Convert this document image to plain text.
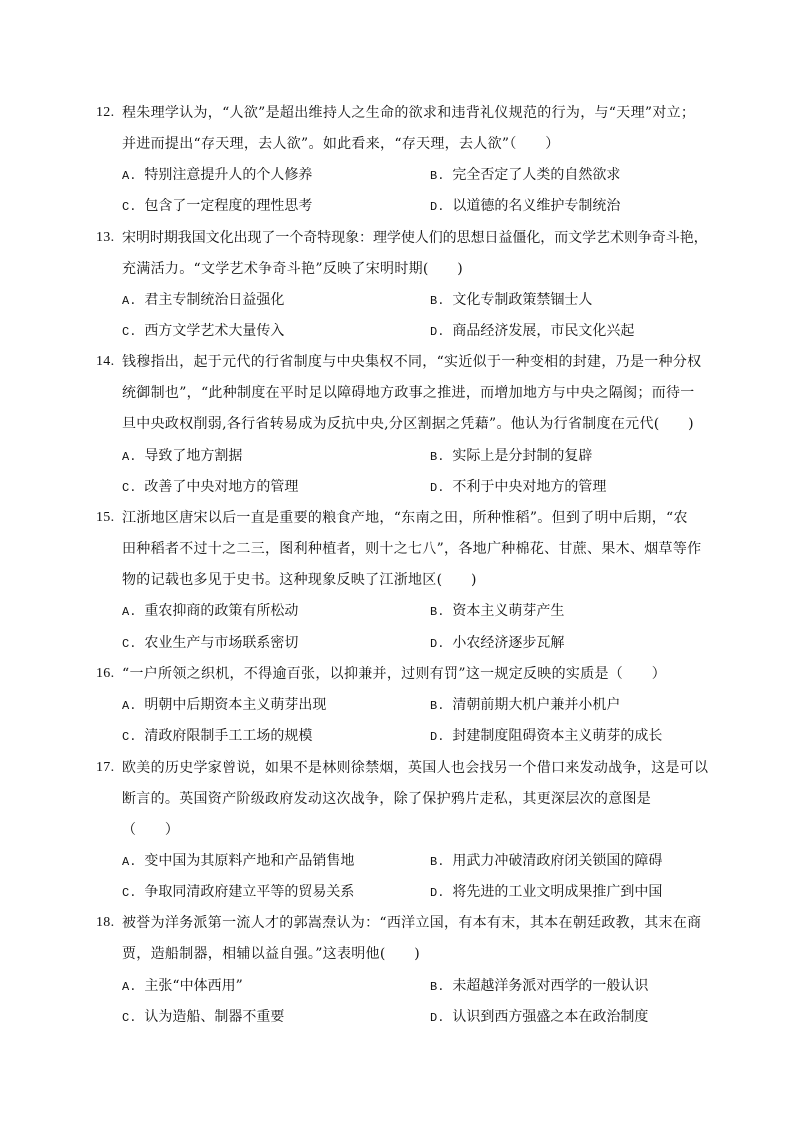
12. 程朱理学认为，“人欲”是超出维持人之生命的欲求和违背礼仪规范的行为，与“天理”对立；
并进而提出“存天理，去人欲”。如此看来，“存天理，去人欲”（　　）
A. 特别注意提升人的个人修养	B. 完全否定了人类的自然欲求
C. 包含了一定程度的理性思考	D. 以道德的名义维护专制统治
13. 宋明时期我国文化出现了一个奇特现象：理学使人们的思想日益僵化，而文学艺术则争奇斗艳，
充满活力。“文学艺术争奇斗艳”反映了宋明时期(　　)
A. 君主专制统治日益强化	B. 文化专制政策禁锢士人
C. 西方文学艺术大量传入	D. 商品经济发展，市民文化兴起
14. 钱穆指出，起于元代的行省制度与中央集权不同，“实近似于一种变相的封建，乃是一种分权
统御制也”，“此种制度在平时足以障碍地方政事之推进，而增加地方与中央之隔阂；而待一
旦中央政权削弱,各行省转易成为反抗中央,分区割据之凭藉”。他认为行省制度在元代(　　)
A. 导致了地方割据	B. 实际上是分封制的复辟
C. 改善了中央对地方的管理	D. 不利于中央对地方的管理
15. 江浙地区唐宋以后一直是重要的粮食产地，“东南之田，所种惟稻”。但到了明中后期，“农
田种稻者不过十之二三，图利种植者，则十之七八”，各地广种棉花、甘蔗、果木、烟草等作
物的记载也多见于史书。这种现象反映了江浙地区(　　)
A. 重农抑商的政策有所松动	B. 资本主义萌芽产生
C. 农业生产与市场联系密切	D. 小农经济逐步瓦解
16. “一户所领之织机，不得逾百张，以抑兼并，过则有罚”这一规定反映的实质是（　　）
A. 明朝中后期资本主义萌芽出现	B. 清朝前期大机户兼并小机户
C. 清政府限制手工工场的规模	D. 封建制度阻碍资本主义萌芽的成长
17. 欧美的历史学家曾说，如果不是林则徐禁烟，英国人也会找另一个借口来发动战争，这是可以
断言的。英国资产阶级政府发动这次战争，除了保护鸦片走私，其更深层次的意图是
（　　）
A. 变中国为其原料产地和产品销售地	B. 用武力冲破清政府闭关锁国的障碍
C. 争取同清政府建立平等的贸易关系	D. 将先进的工业文明成果推广到中国
18. 被誉为洋务派第一流人才的郭嵩焘认为：“西洋立国，有本有末，其本在朝廷政教，其末在商
贾，造船制器，相辅以益自强。”这表明他(　　)
A. 主张“中体西用”	B. 未超越洋务派对西学的一般认识
C. 认为造船、制器不重要	D. 认识到西方强盛之本在政治制度
